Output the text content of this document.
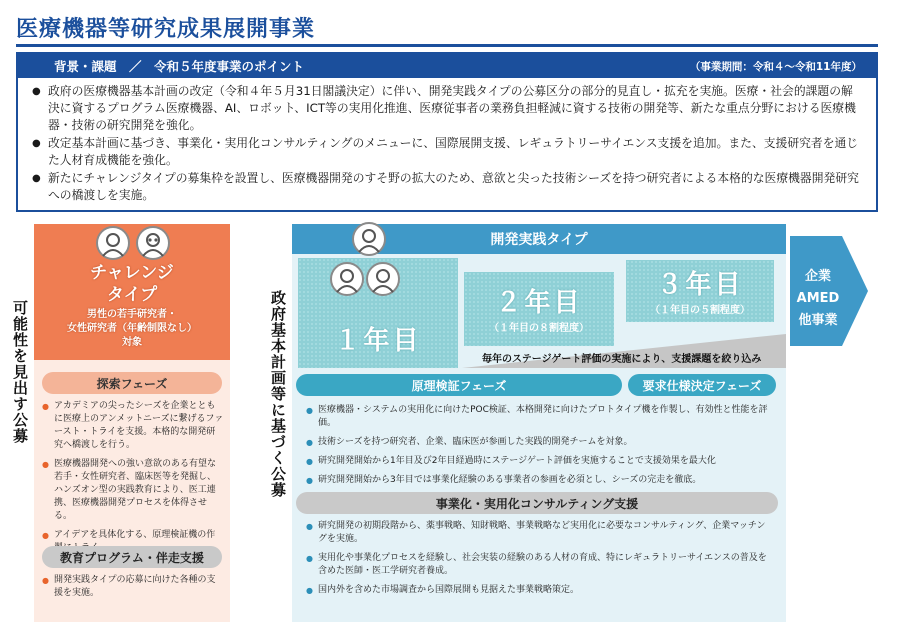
医療機器等研究成果展開事業
背景・課題　／　令和５年度事業のポイント	（事業期間：令和４～令和11年度）
● 政府の医療機器基本計画の改定（令和４年５月31日閣議決定）に伴い、開発実践タイプの公募区分の部分的見直し・拡充を実施。医療・社会的課題の解決に資するプログラム医療機器、AI、ロボット、ICT等の実用化推進、医療従事者の業務負担軽減に資する技術の開発等、新たな重点分野における医療機器・技術の研究開発を強化。
● 改定基本計画に基づき、事業化・実用化コンサルティングのメニューに、国際展開支援、レギュラトリーサイエンス支援を追加。また、支援研究者を通じた人材育成機能を強化。
● 新たにチャレンジタイプの募集枠を設置し、医療機器開発のすそ野の拡大のため、意欲と尖った技術シーズを持つ研究者による本格的な医療機器開発研究への橋渡しを実施。
可能性を見出す公募
チャレンジ
タイプ
男性の若手研究者・
女性研究者（年齢制限なし）
対象
探索フェーズ
● アカデミアの尖ったシーズを企業とともに医療上のアンメットニーズに繋げるファースト・トライを支援。本格的な開発研究へ橋渡しを行う。
● 医療機器開発への強い意欲のある有望な若手・女性研究者、臨床医等を発掘し、ハンズオン型の実践教育により、医工連携、医療機器開発プロセスを体得させる。
● アイデアを具体化する、原理検証機の作
教育プログラム・伴走支援
● 開発実践タイプの応募に向けた各種の支援を実施。
政府基本計画等に基づく公募
開発実践タイプ
１年目
２年目
（１年目の８割程度）
３年目
（１年目の５割程度）
毎年のステージゲート評価の実施により、支援課題を絞り込み
原理検証フェーズ	要求仕様決定フェーズ
● 医療機器・システムの実用化に向けたPOC検証、本格開発に向けたプロトタイプ機を作製し、有効性と性能を評価。
● 技術シーズを持つ研究者、企業、臨床医が参画した実践的開発チームを対象。
● 研究開発開始から1年目及び2年目経過時にステージゲート評価を実施することで支援効果を最大化
● 研究開発開始から3年目では事業化経験のある事業者の参画を必須とし、シーズの完走を徹底。
事業化・実用化コンサルティング支援
● 研究開発の初期段階から、薬事戦略、知財戦略、事業戦略など実用化に必要なコンサルティング、企業マッチングを実施。
● 実用化や事業化プロセスを経験し、社会実装の経験のある人材の育成、特にレギュラトリーサイエンスの普及を含めた医師・医工学研究者養成。
● 国内外を含めた市場調査から国際展開も見据えた事業戦略策定。
企業
AMED
他事業
